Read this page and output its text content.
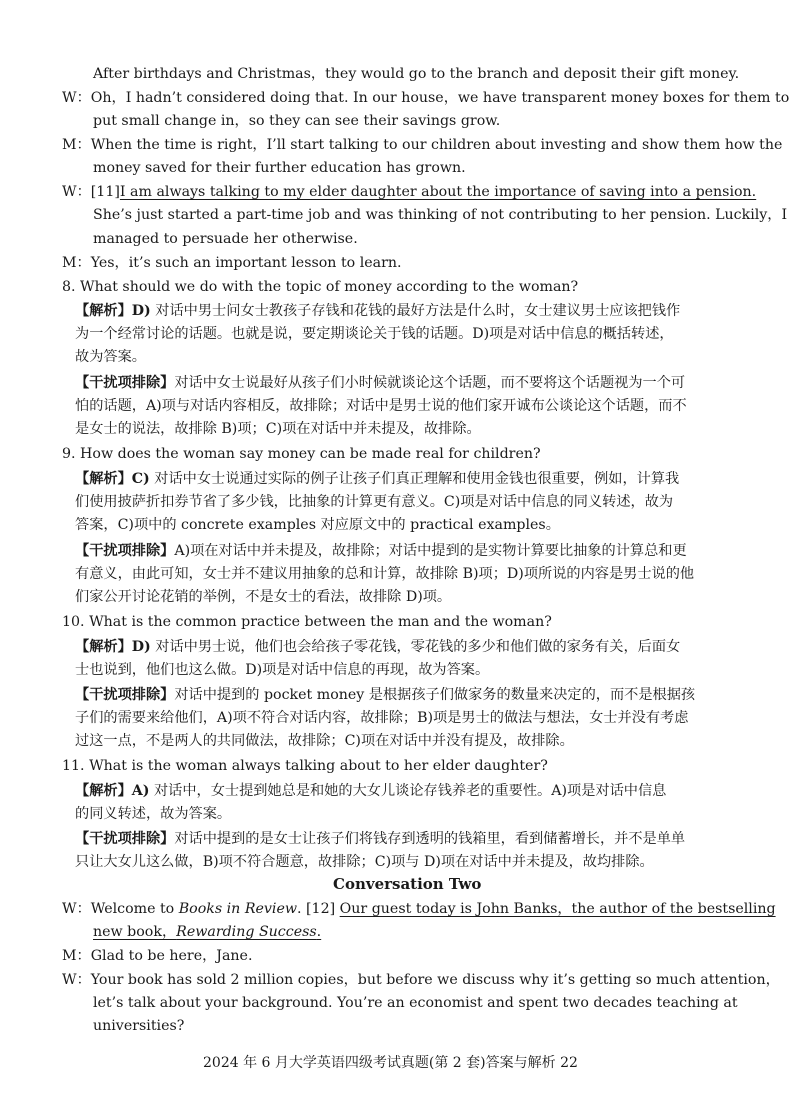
After birthdays and Christmas，they would go to the branch and deposit their gift money.
W：Oh，I hadn’t considered doing that. In our house，we have transparent money boxes for them to
put small change in，so they can see their savings grow.
M：When the time is right，I’ll start talking to our children about investing and show them how the
money saved for their further education has grown.
W：[11]I am always talking to my elder daughter about the importance of saving into a pension.
She’s just started a part-time job and was thinking of not contributing to her pension. Luckily，I
managed to persuade her otherwise.
M：Yes，it’s such an important lesson to learn.
8. What should we do with the topic of money according to the woman?
【解析】D) 对话中男士问女士教孩子存钱和花钱的最好方法是什么时，女士建议男士应该把钱作
为一个经常讨论的话题。也就是说，要定期谈论关于钱的话题。D)项是对话中信息的概括转述，
故为答案。
【干扰项排除】对话中女士说最好从孩子们小时候就谈论这个话题，而不要将这个话题视为一个可
怕的话题，A)项与对话内容相反，故排除；对话中是男士说的他们家开诚布公谈论这个话题，而不
是女士的说法，故排除 B)项；C)项在对话中并未提及，故排除。
9. How does the woman say money can be made real for children?
【解析】C) 对话中女士说通过实际的例子让孩子们真正理解和使用金钱也很重要，例如，计算我
们使用披萨折扣券节省了多少钱，比抽象的计算更有意义。C)项是对话中信息的同义转述，故为
答案，C)项中的 concrete examples 对应原文中的 practical examples。
【干扰项排除】A)项在对话中并未提及，故排除；对话中提到的是实物计算要比抽象的计算总和更
有意义，由此可知，女士并不建议用抽象的总和计算，故排除 B)项；D)项所说的内容是男士说的他
们家公开讨论花销的举例，不是女士的看法，故排除 D)项。
10. What is the common practice between the man and the woman?
【解析】D) 对话中男士说，他们也会给孩子零花钱，零花钱的多少和他们做的家务有关，后面女
士也说到，他们也这么做。D)项是对话中信息的再现，故为答案。
【干扰项排除】对话中提到的 pocket money 是根据孩子们做家务的数量来决定的，而不是根据孩
子们的需要来给他们，A)项不符合对话内容，故排除；B)项是男士的做法与想法，女士并没有考虑
过这一点，不是两人的共同做法，故排除；C)项在对话中并没有提及，故排除。
11. What is the woman always talking about to her elder daughter?
【解析】A) 对话中，女士提到她总是和她的大女儿谈论存钱养老的重要性。A)项是对话中信息
的同义转述，故为答案。
【干扰项排除】对话中提到的是女士让孩子们将钱存到透明的钱箱里，看到储蓄增长，并不是单单
只让大女儿这么做，B)项不符合题意，故排除；C)项与 D)项在对话中并未提及，故均排除。
Conversation Two
W：Welcome to Books in Review. [12] Our guest today is John Banks，the author of the bestselling
new book，Rewarding Success.
M：Glad to be here，Jane.
W：Your book has sold 2 million copies，but before we discuss why it’s getting so much attention，
let’s talk about your background. You’re an economist and spent two decades teaching at
universities?
2024 年 6 月大学英语四级考试真题(第 2 套)答案与解析 22
